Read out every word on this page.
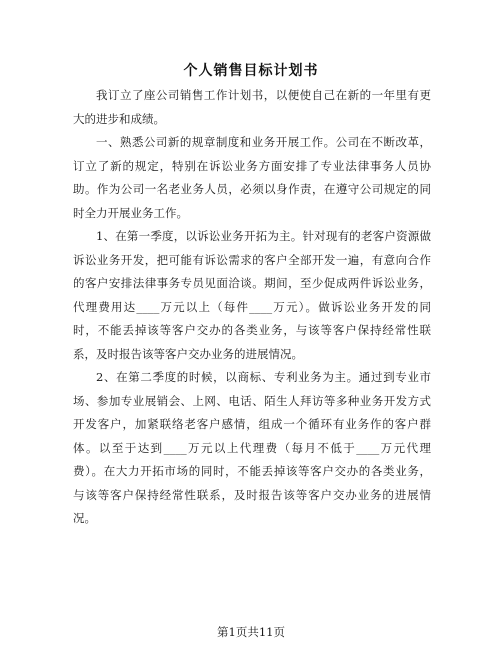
个人销售目标计划书
我订立了座公司销售工作计划书，以便使自己在新的一年里有更
大的进步和成绩。
一、熟悉公司新的规章制度和业务开展工作。公司在不断改革，
订立了新的规定，特别在诉讼业务方面安排了专业法律事务人员协
助。作为公司一名老业务人员，必须以身作责，在遵守公司规定的同
时全力开展业务工作。
1、在第一季度，以诉讼业务开拓为主。针对现有的老客户资源做
诉讼业务开发，把可能有诉讼需求的客户全部开发一遍，有意向合作
的客户安排法律事务专员见面洽谈。期间，至少促成两件诉讼业务，
代理费用达____万元以上（每件____万元）。做诉讼业务开发的同
时，不能丢掉该等客户交办的各类业务，与该等客户保持经常性联
系，及时报告该等客户交办业务的进展情况。
2、在第二季度的时候，以商标、专利业务为主。通过到专业市
场、参加专业展销会、上网、电话、陌生人拜访等多种业务开发方式
开发客户，加紧联络老客户感情，组成一个循环有业务作的客户群
体。以至于达到____万元以上代理费（每月不低于____万元代理
费）。在大力开拓市场的同时，不能丢掉该等客户交办的各类业务，
与该等客户保持经常性联系，及时报告该等客户交办业务的进展情
况。
第1页共11页
